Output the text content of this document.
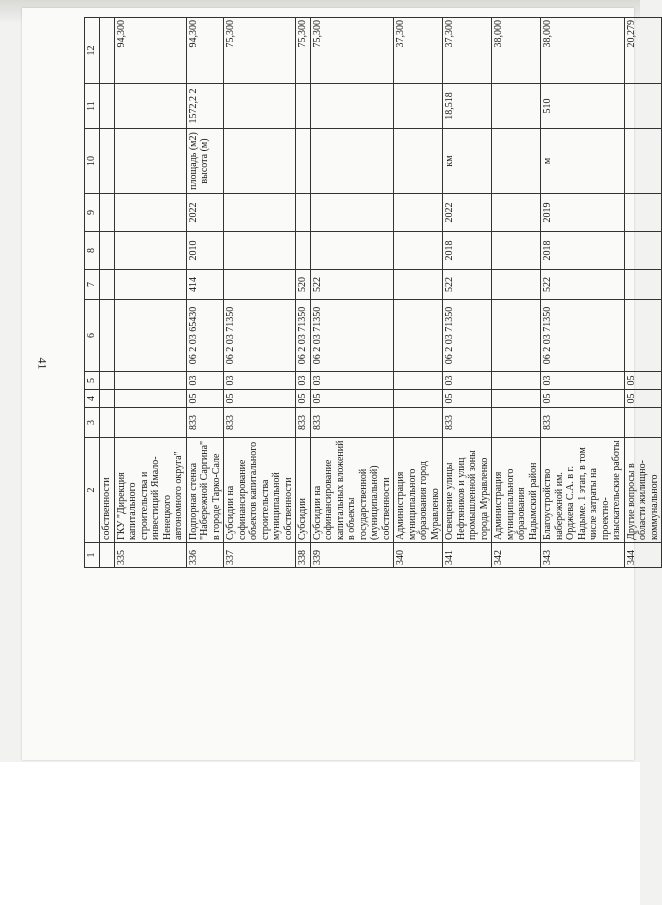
41
1	2	3	4	5	6	7	8	9	10	11	12
	собственности										
335	ГКУ "Дирекция капитального строительства и инвестиций Ямало-Ненецкого автономного округа"										94,300
336	Подпорная стенка "Набережной Саргина" в городе Тарко-Сале	833	05	03	06 2 03 65430	414	2010	2022	площадь (м2) высота (м)	1572,2 2	94,300
337	Субсидии на софинансирование объектов капитального строительства муниципальной собственности	833	05	03	06 2 03 71350						75,300
338	Субсидии	833	05	03	06 2 03 71350	520					75,300
339	Субсидии на софинансирование капитальных вложений в объекты государственной (муниципальной) собственности	833	05	03	06 2 03 71350	522					75,300
340	Администрация муниципального образования город Муравленко										37,300
341	Освещение улицы Нефтяников и улиц промышленной зоны города Муравленко	833	05	03	06 2 03 71350	522	2018	2022	км	18,518	37,300
342	Администрация муниципального образования Надымский район										38,000
343	Благоустройство набережной им. Орджева С.А. в г. Надыме. 1 этап, в том числе затраты на проектно-изыскательские работы	833	05	03	06 2 03 71350	522	2018	2019	м	510	38,000
344	Другие вопросы в области жилищно-коммунального		05	05							20,279
